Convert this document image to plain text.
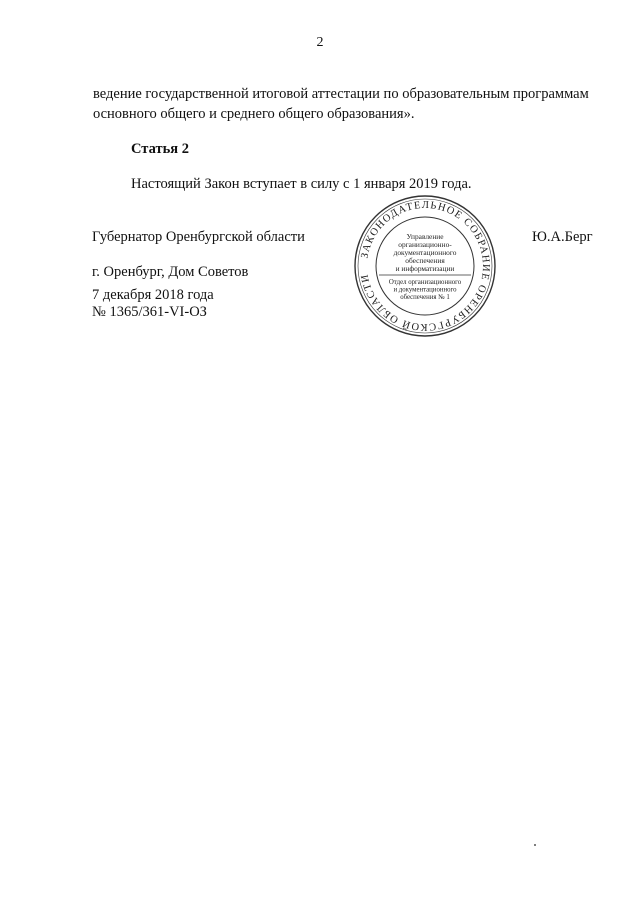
2
ведение государственной итоговой аттестации по образовательным программам
основного общего и среднего общего образования».
Статья 2
Настоящий Закон вступает в силу с 1 января 2019 года.
Губернатор Оренбургской области	Ю.А.Берг
г. Оренбург, Дом Советов
7 декабря 2018 года
№ 1365/361-VI-ОЗ
ЗАКОНОДАТЕЛЬНОЕ СОБРАНИЕ ОРЕНБУРГСКОЙ ОБЛАСТИ
Управление
организационно-
документационного
обеспечения
и информатизации
Отдел организационного
и документационного
обеспечения № 1
